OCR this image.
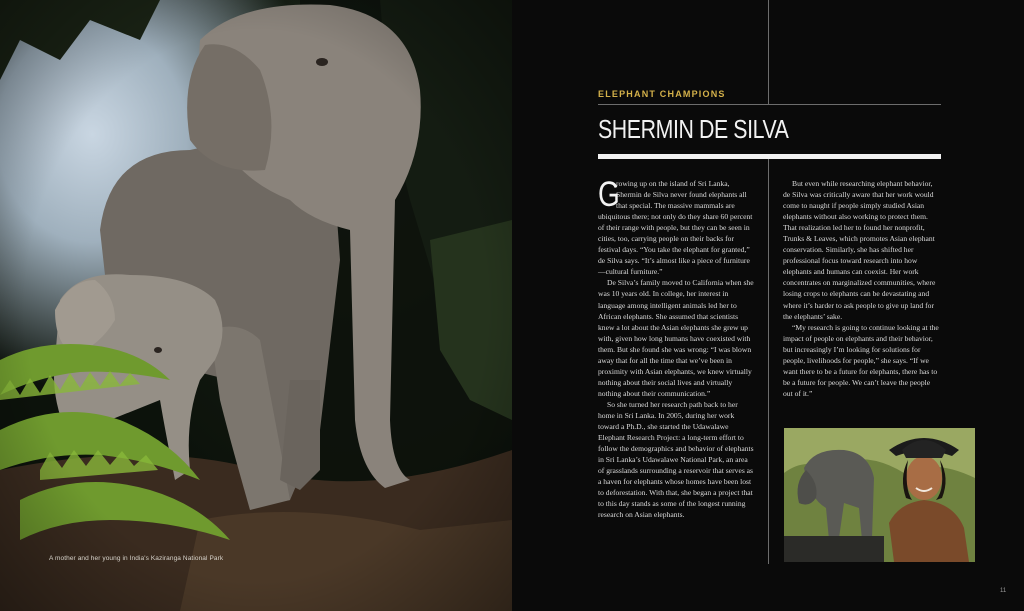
A mother and her young in India's Kaziranga National Park
ELEPHANT CHAMPIONS
SHERMIN DE SILVA

G
rowing up on the island of Sri Lanka, Shermin de Silva never found elephants all that special. The massive mammals are ubiquitous there; not only do they share 60 percent of their range with people, but they can be seen in cities, too, carrying people on their backs for festival days. “You take the elephant for granted,” de Silva says. “It’s almost like a piece of furniture—cultural furniture.”

De Silva’s family moved to California when she was 10 years old. In college, her interest in language among intelligent animals led her to African elephants. She assumed that scientists knew a lot about the Asian elephants she grew up with, given how long humans have coexisted with them. But she found she was wrong: “I was blown away that for all the time that we’ve been in proximity with Asian elephants, we knew virtually nothing about their social lives and virtually nothing about their communication.”

So she turned her research path back to her home in Sri Lanka. In 2005, during her work toward a Ph.D., she started the Udawalawe Elephant Research Project: a long-term effort to follow the demographics and behavior of elephants in Sri Lanka’s Udawalawe National Park, an area of grasslands surrounding a reservoir that serves as a haven for elephants whose homes have been lost to deforestation. With that, she began a project that to this day stands as some of the longest running research on Asian elephants.

But even while researching elephant behavior, de Silva was critically aware that her work would come to naught if people simply studied Asian elephants without also working to protect them. That realization led her to found her nonprofit, Trunks & Leaves, which promotes Asian elephant conservation. Similarly, she has shifted her professional focus toward research into how elephants and humans can coexist. Her work concentrates on marginalized communities, where losing crops to elephants can be devastating and where it’s harder to ask people to give up land for the elephants’ sake.

“My research is going to continue looking at the impact of people on elephants and their behavior, but increasingly I’m looking for solutions for people, livelihoods for people,” she says. “If we want there to be a future for elephants, there has to be a future for people. We can’t leave the people out of it.”

11
